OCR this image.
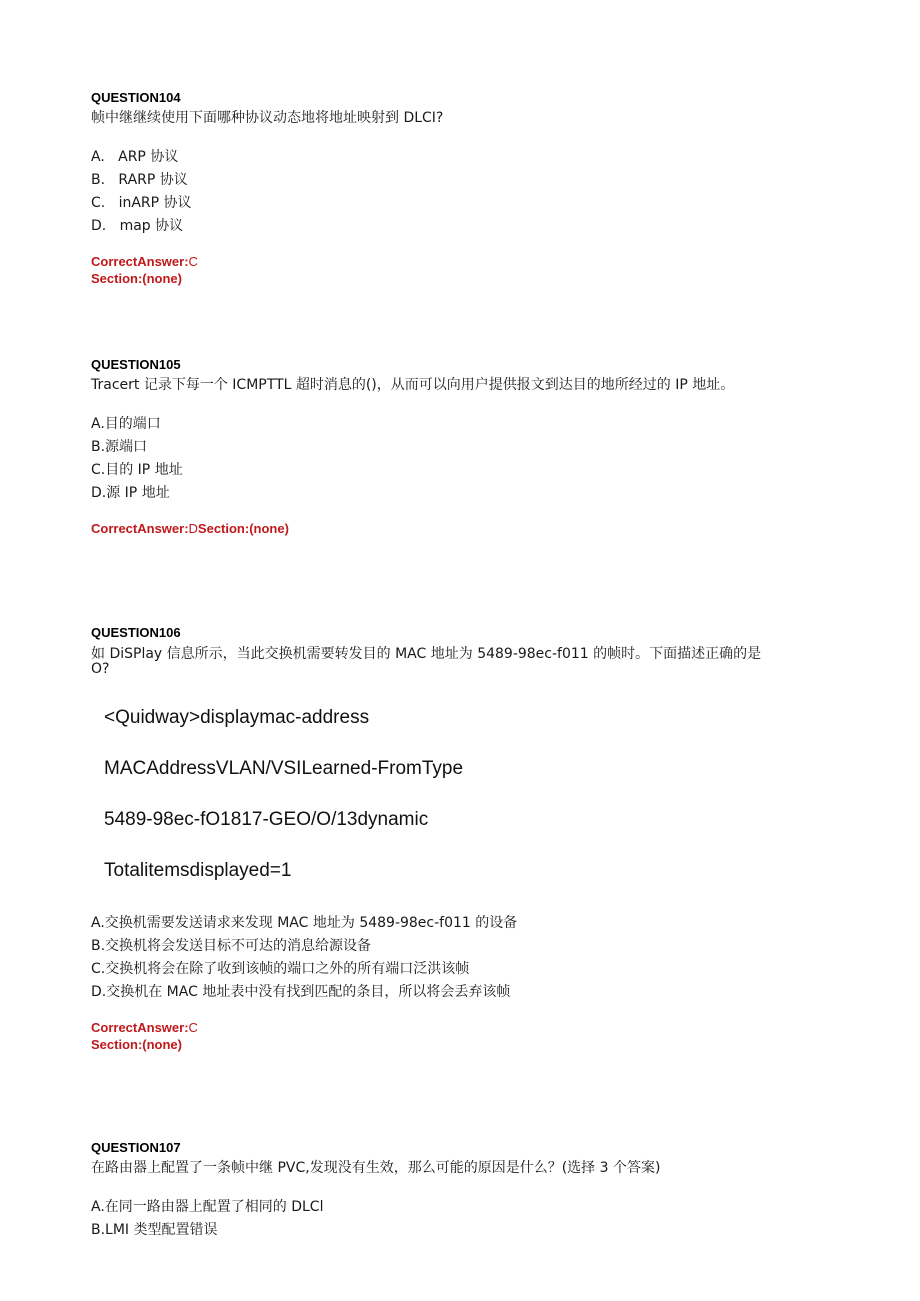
QUESTION104
帧中继继续使用下面哪种协议动态地将地址映射到 DLCI?
A.   ARP 协议
B.   RARP 协议
C.   inARP 协议
D.   map 协议
CorrectAnswer:C
Section:(none)
QUESTION105
Tracert 记录下每一个 ICMPTTL 超时消息的()，从而可以向用户提供报文到达目的地所经过的 IP 地址。
A.目的端口
B.源端口
C.目的 IP 地址
D.源 IP 地址
CorrectAnswer:DSection:(none)
QUESTION106
如 DiSPlay 信息所示，当此交换机需要转发目的 MAC 地址为 5489-98ec-f011 的帧时。下面描述正确的是
O?
<Quidway>displaymac-address
MACAddressVLAN/VSILearned-FromType
5489-98ec-fO1817-GEO/O/13dynamic
Totalitemsdisplayed=1
A.交换机需要发送请求来发现 MAC 地址为 5489-98ec-f011 的设备
B.交换机将会发送目标不可达的消息给源设备
C.交换机将会在除了收到该帧的端口之外的所有端口泛洪该帧
D.交换机在 MAC 地址表中没有找到匹配的条目，所以将会丢弃该帧
CorrectAnswer:C
Section:(none)
QUESTION107
在路由器上配置了一条帧中继 PVC,发现没有生效，那么可能的原因是什么？(选择 3 个答案)
A.在同一路由器上配置了相同的 DLCl
B.LMI 类型配置错误
